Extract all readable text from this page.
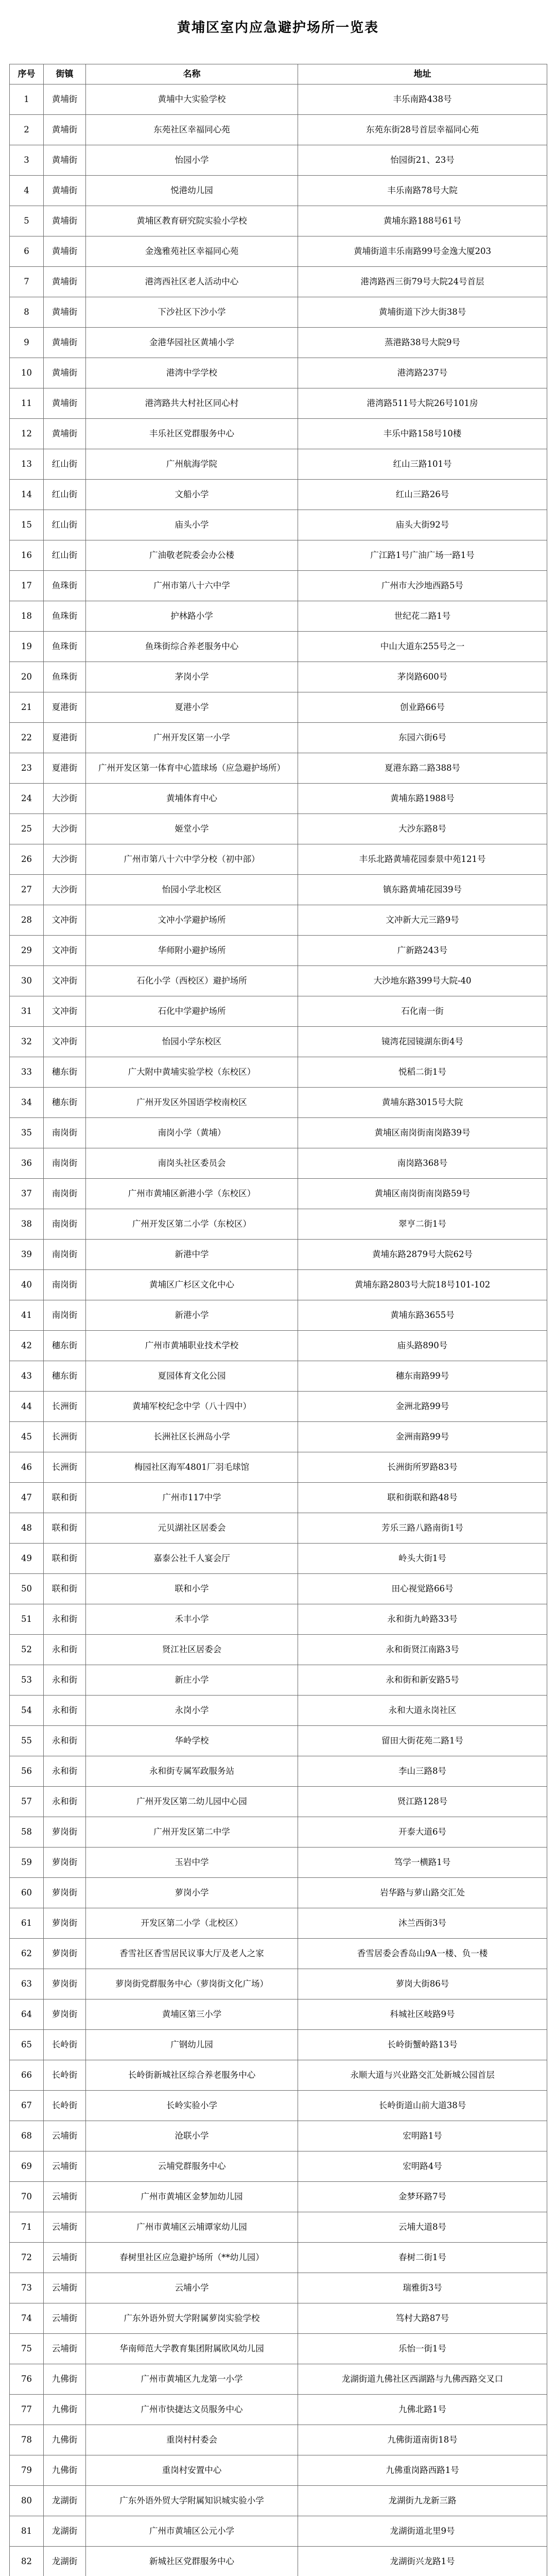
黄埔区室内应急避护场所一览表
序号	街镇	名称	地址
1	黄埔街	黄埔中大实验学校	丰乐南路438号
2	黄埔街	东苑社区幸福同心苑	东苑东街28号首层幸福同心苑
3	黄埔街	怡园小学	怡园街21、23号
4	黄埔街	悦港幼儿园	丰乐南路78号大院
5	黄埔街	黄埔区教育研究院实验小学校	黄埔东路188号61号
6	黄埔街	金逸雅苑社区幸福同心苑	黄埔街道丰乐南路99号金逸大厦203
7	黄埔街	港湾西社区老人活动中心	港湾路西三街79号大院24号首层
8	黄埔街	下沙社区下沙小学	黄埔街道下沙大街38号
9	黄埔街	金港华园社区黄埔小学	蒸港路38号大院9号
10	黄埔街	港湾中学学校	港湾路237号
11	黄埔街	港湾路共大村社区同心村	港湾路511号大院26号101房
12	黄埔街	丰乐社区党群服务中心	丰乐中路158号10楼
13	红山街	广州航海学院	红山三路101号
14	红山街	文船小学	红山三路26号
15	红山街	庙头小学	庙头大街92号
16	红山街	广油敬老院委会办公楼	广江路1号广油广场一路1号
17	鱼珠街	广州市第八十六中学	广州市大沙地西路5号
18	鱼珠街	护林路小学	世纪花二路1号
19	鱼珠街	鱼珠街综合养老服务中心	中山大道东255号之一
20	鱼珠街	茅岗小学	茅岗路600号
21	夏港街	夏港小学	创业路66号
22	夏港街	广州开发区第一小学	东园六街6号
23	夏港街	广州开发区第一体育中心篮球场（应急避护场所）	夏港东路二路388号
24	大沙街	黄埔体育中心	黄埔东路1988号
25	大沙街	姬堂小学	大沙东路8号
26	大沙街	广州市第八十六中学分校（初中部）	丰乐北路黄埔花园泰景中苑121号
27	大沙街	怡园小学北校区	镇东路黄埔花园39号
28	文冲街	文冲小学避护场所	文冲新大元三路9号
29	文冲街	华师附小避护场所	广新路243号
30	文冲街	石化小学（西校区）避护场所	大沙地东路399号大院-40
31	文冲街	石化中学避护场所	石化南一街
32	文冲街	怡园小学东校区	镜湾花园镜湖东街4号
33	穗东街	广大附中黄埔实验学校（东校区）	悦稻二街1号
34	穗东街	广州开发区外国语学校南校区	黄埔东路3015号大院
35	南岗街	南岗小学（黄埔）	黄埔区南岗街南岗路39号
36	南岗街	南岗头社区委员会	南岗路368号
37	南岗街	广州市黄埔区新港小学（东校区）	黄埔区南岗街南岗路59号
38	南岗街	广州开发区第二小学（东校区）	翠亨二街1号
39	南岗街	新港中学	黄埔东路2879号大院62号
40	南岗街	黄埔区广杉区文化中心	黄埔东路2803号大院18号101-102
41	南岗街	新港小学	黄埔东路3655号
42	穗东街	广州市黄埔职业技术学校	庙头路890号
43	穗东街	夏园体育文化公园	穗东南路99号
44	长洲街	黄埔军校纪念中学（八十四中）	金洲北路99号
45	长洲街	长洲社区长洲岛小学	金洲南路99号
46	长洲街	梅园社区海军4801厂羽毛球馆	长洲街所罗路83号
47	联和街	广州市117中学	联和街联和路48号
48	联和街	元贝湖社区居委会	芳乐三路八路南街1号
49	联和街	嘉泰公社千人宴会厅	岭头大街1号
50	联和街	联和小学	田心视觉路66号
51	永和街	禾丰小学	永和街九岭路33号
52	永和街	贤江社区居委会	永和街贤江南路3号
53	永和街	新庄小学	永和街和新安路5号
54	永和街	永岗小学	永和大道永岗社区
55	永和街	华岭学校	留田大街花苑二路1号
56	永和街	永和街专属军政服务站	李山三路8号
57	永和街	广州开发区第二幼儿园中心园	贤江路128号
58	萝岗街	广州开发区第二中学	开泰大道6号
59	萝岗街	玉岩中学	笃学一横路1号
60	萝岗街	萝岗小学	岩华路与萝山路交汇处
61	萝岗街	开发区第二小学（北校区）	沐兰西街3号
62	萝岗街	香雪社区香雪居民议事大厅及老人之家	香雪居委会香岛山9A一楼、负一楼
63	萝岗街	萝岗街党群服务中心（萝岗街文化广场）	萝岗大街86号
64	萝岗街	黄埔区第三小学	科城社区岐路9号
65	长岭街	广钢幼儿园	长岭街蟹岭路13号
66	长岭街	长岭街新城社区综合养老服务中心	永顺大道与兴业路交汇处新城公园首层
67	长岭街	长岭实验小学	长岭街道山前大道38号
68	云埔街	沧联小学	宏明路1号
69	云埔街	云埔党群服务中心	宏明路4号
70	云埔街	广州市黄埔区金梦加幼儿园	金梦环路7号
71	云埔街	广州市黄埔区云埔谭家幼儿园	云埔大道8号
72	云埔街	春树里社区应急避护场所（**幼儿园）	春树二街1号
73	云埔街	云埔小学	瑞雅街3号
74	云埔街	广东外语外贸大学附属萝岗实验学校	笃村大路87号
75	云埔街	华南师范大学教育集团附属欧风幼儿园	乐怡一街1号
76	九佛街	广州市黄埔区九龙第一小学	龙湖街道九佛社区西湖路与九佛西路交叉口
77	九佛街	广州市快捷达文员服务中心	九佛北路1号
78	九佛街	重岗村村委会	九佛街道南街18号
79	九佛街	重岗村安置中心	九佛重岗路西路1号
80	龙湖街	广东外语外贸大学附属知识城实验小学	龙湖街九龙新三路
81	龙湖街	广州市黄埔区公元小学	龙湖街道北里9号
82	龙湖街	新城社区党群服务中心	龙湖街兴龙路1号
